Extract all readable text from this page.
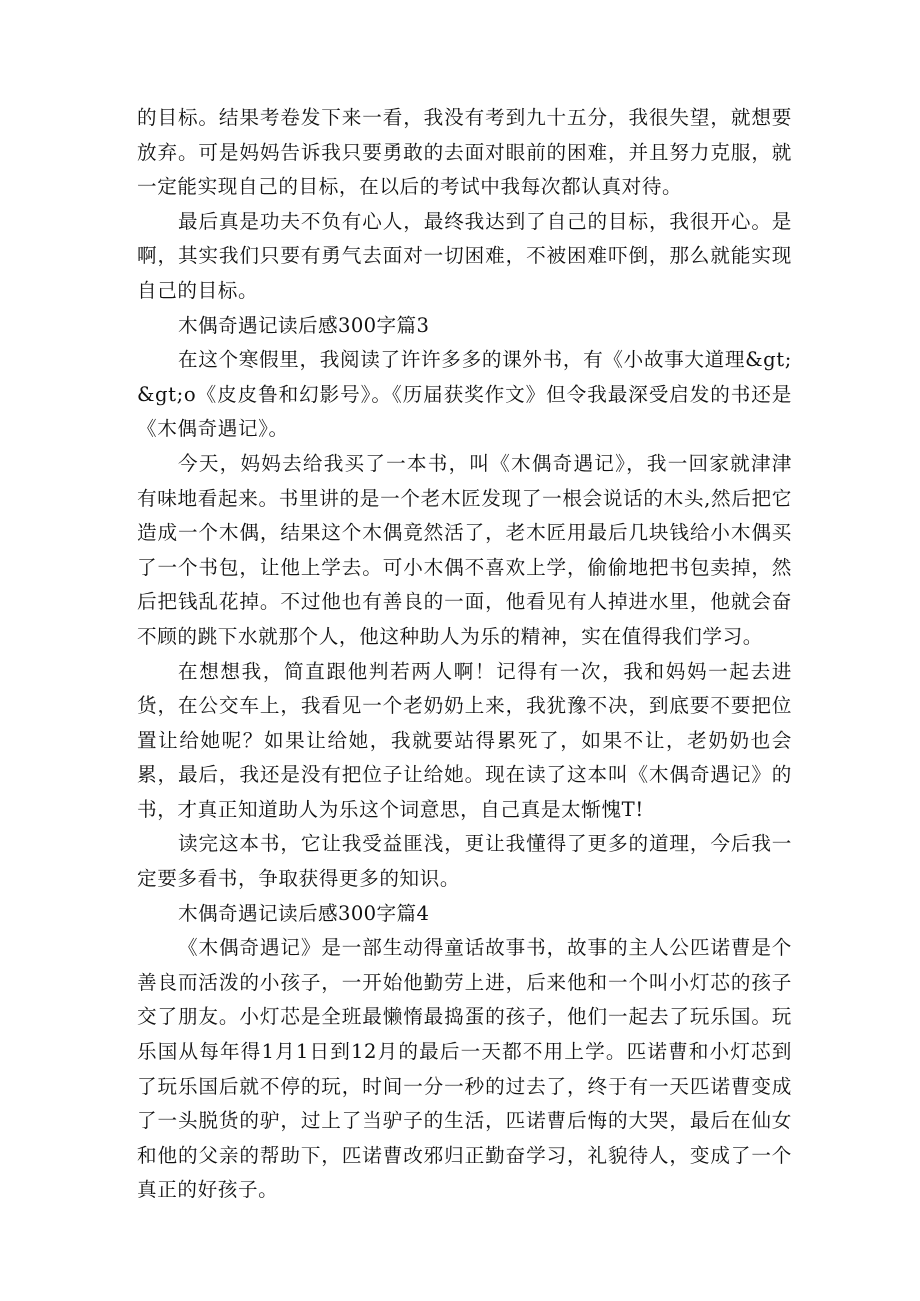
的目标。结果考卷发下来一看，我没有考到九十五分，我很失望，就想要放弃。可是妈妈告诉我只要勇敢的去面对眼前的困难，并且努力克服，就一定能实现自己的目标，在以后的考试中我每次都认真对待。

最后真是功夫不负有心人，最终我达到了自己的目标，我很开心。是啊，其实我们只要有勇气去面对一切困难，不被困难吓倒，那么就能实现自己的目标。

木偶奇遇记读后感300字篇3

在这个寒假里，我阅读了许许多多的课外书，有《小故事大道理&gt;&gt;o《皮皮鲁和幻影号》。《历届获奖作文》但令我最深受启发的书还是《木偶奇遇记》。

今天，妈妈去给我买了一本书，叫《木偶奇遇记》，我一回家就津津有味地看起来。书里讲的是一个老木匠发现了一根会说话的木头,然后把它造成一个木偶，结果这个木偶竟然活了，老木匠用最后几块钱给小木偶买了一个书包，让他上学去。可小木偶不喜欢上学，偷偷地把书包卖掉，然后把钱乱花掉。不过他也有善良的一面，他看见有人掉进水里，他就会奋不顾的跳下水就那个人，他这种助人为乐的精神，实在值得我们学习。

在想想我，简直跟他判若两人啊！记得有一次，我和妈妈一起去进货，在公交车上，我看见一个老奶奶上来，我犹豫不决，到底要不要把位置让给她呢？如果让给她，我就要站得累死了，如果不让，老奶奶也会累，最后，我还是没有把位子让给她。现在读了这本叫《木偶奇遇记》的书，才真正知道助人为乐这个词意思，自己真是太惭愧T!

读完这本书，它让我受益匪浅，更让我懂得了更多的道理，今后我一定要多看书，争取获得更多的知识。

木偶奇遇记读后感300字篇4

《木偶奇遇记》是一部生动得童话故事书，故事的主人公匹诺曹是个善良而活泼的小孩子，一开始他勤劳上进，后来他和一个叫小灯芯的孩子交了朋友。小灯芯是全班最懒惰最捣蛋的孩子，他们一起去了玩乐国。玩乐国从每年得1月1日到12月的最后一天都不用上学。匹诺曹和小灯芯到了玩乐国后就不停的玩，时间一分一秒的过去了，终于有一天匹诺曹变成了一头脱货的驴，过上了当驴子的生活，匹诺曹后悔的大哭，最后在仙女和他的父亲的帮助下，匹诺曹改邪归正勤奋学习，礼貌待人，变成了一个真正的好孩子。
